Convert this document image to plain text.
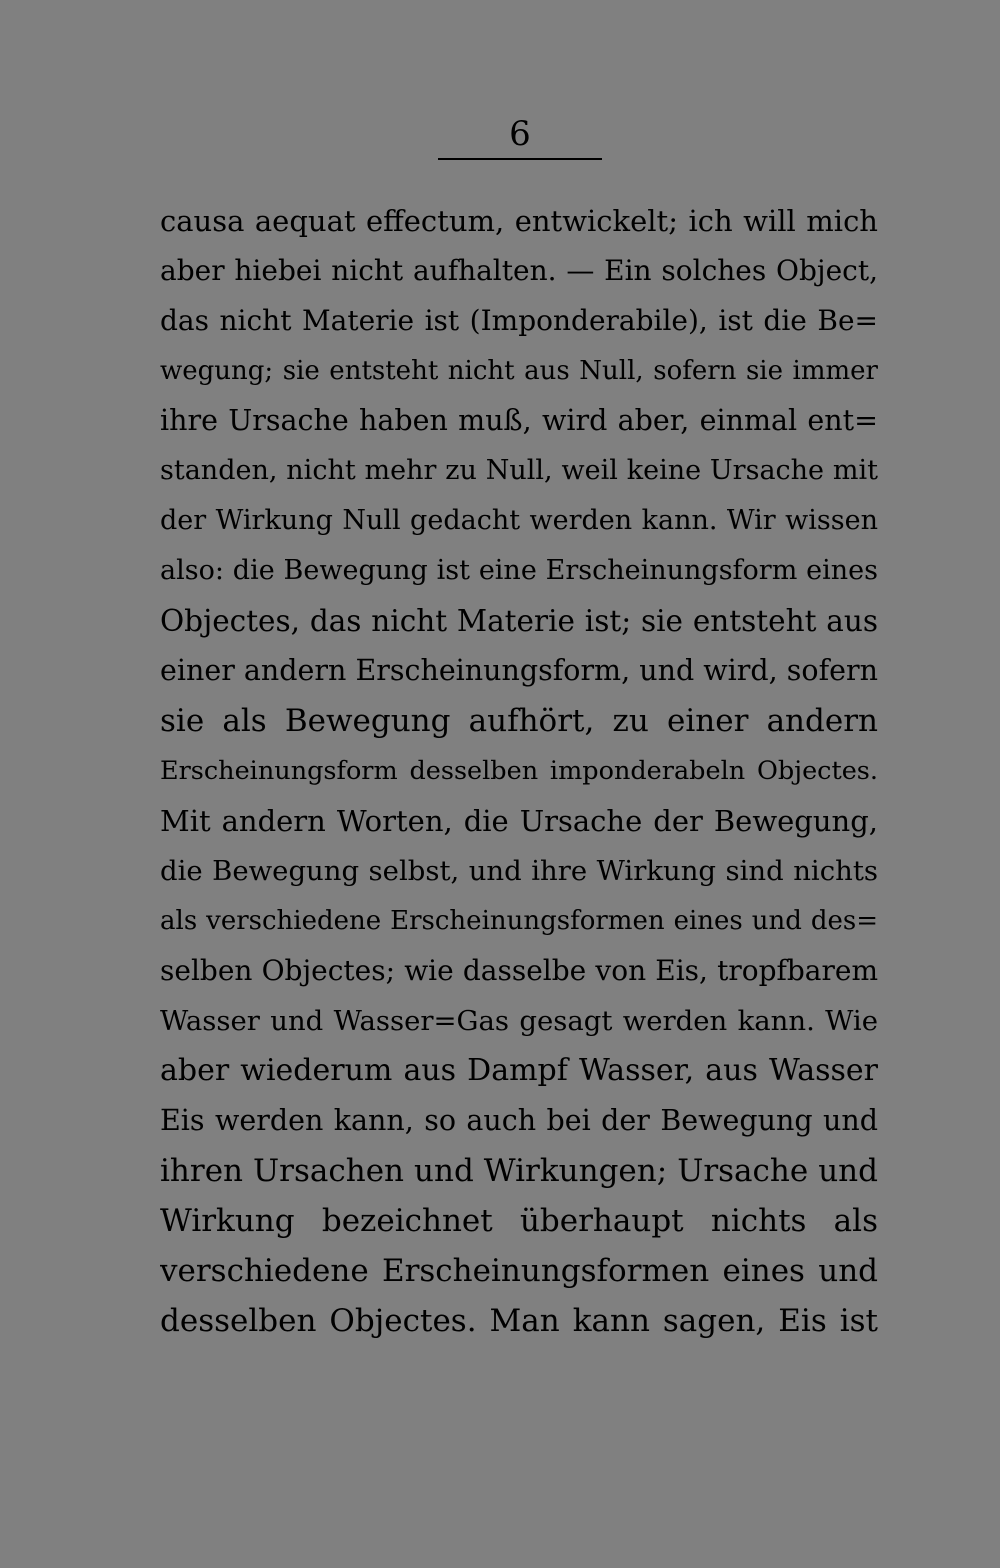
6
causa aequat effectum, entwickelt; ich will mich
aber hiebei nicht aufhalten. — Ein solches Object,
das nicht Materie ist (Imponderabile), ist die Be=
wegung; sie entsteht nicht aus Null, sofern sie immer
ihre Ursache haben muß, wird aber, einmal ent=
standen, nicht mehr zu Null, weil keine Ursache mit
der Wirkung Null gedacht werden kann. Wir wissen
also: die Bewegung ist eine Erscheinungsform eines
Objectes, das nicht Materie ist; sie entsteht aus
einer andern Erscheinungsform, und wird, sofern
sie als Bewegung aufhört, zu einer andern
Erscheinungsform desselben imponderabeln Objectes.
Mit andern Worten, die Ursache der Bewegung,
die Bewegung selbst, und ihre Wirkung sind nichts
als verschiedene Erscheinungsformen eines und des=
selben Objectes; wie dasselbe von Eis, tropfbarem
Wasser und Wasser=Gas gesagt werden kann. Wie
aber wiederum aus Dampf Wasser, aus Wasser
Eis werden kann, so auch bei der Bewegung und
ihren Ursachen und Wirkungen; Ursache und
Wirkung bezeichnet überhaupt nichts als
verschiedene Erscheinungsformen eines und
desselben Objectes. Man kann sagen, Eis ist
